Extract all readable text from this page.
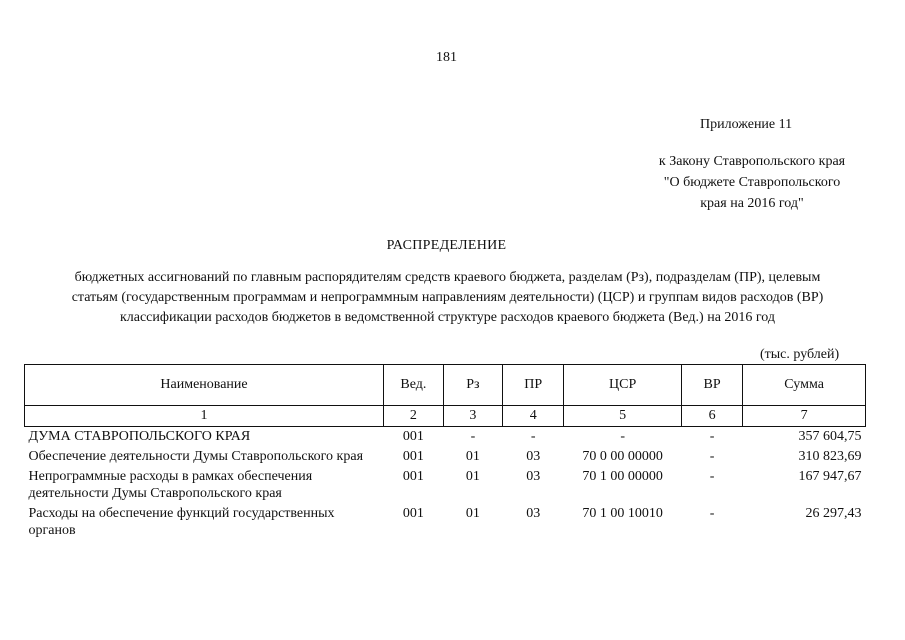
181
Приложение 11
к Закону Ставропольского края
"О бюджете Ставропольского
края на 2016 год"
РАСПРЕДЕЛЕНИЕ
бюджетных ассигнований по главным распорядителям средств краевого бюджета, разделам (Рз), подразделам (ПР), целевым
статьям (государственным программам и непрограммным направлениям деятельности) (ЦСР) и группам видов расходов (ВР)
классификации расходов бюджетов в ведомственной структуре расходов краевого бюджета (Вед.) на 2016 год
(тыс. рублей)
Наименование	Вед.	Рз	ПР	ЦСР	ВР	Сумма
1	2	3	4	5	6	7
ДУМА СТАВРОПОЛЬСКОГО КРАЯ	001	-	-	-	-	357 604,75
Обеспечение деятельности Думы Ставропольского края	001	01	03	70 0 00 00000	-	310 823,69
Непрограммные расходы в рамках обеспечения деятельности Думы Ставропольского края	001	01	03	70 1 00 00000	-	167 947,67
Расходы на обеспечение функций государственных органов	001	01	03	70 1 00 10010	-	26 297,43
